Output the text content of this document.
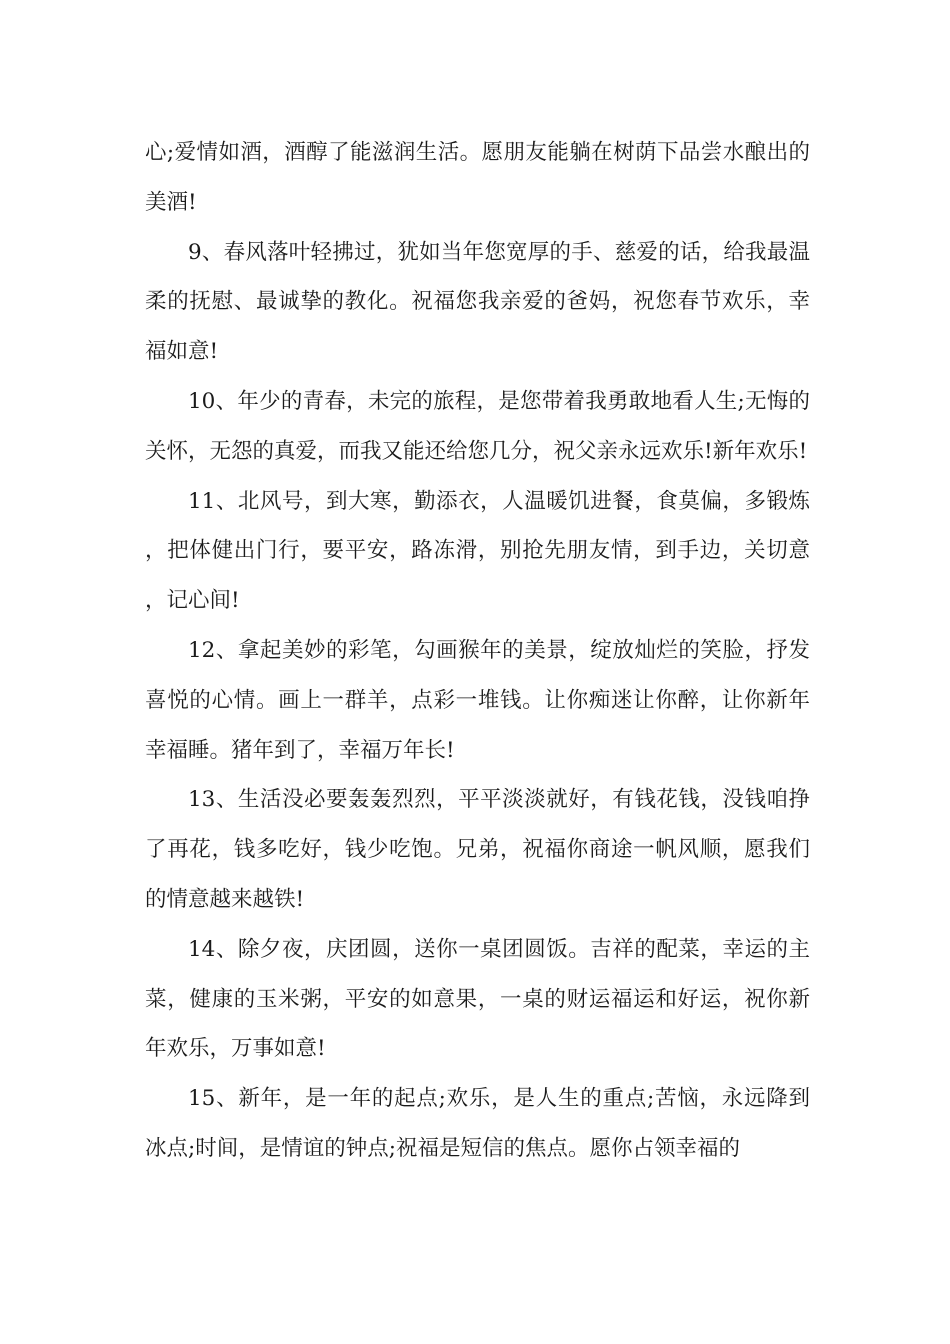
心;爱情如酒，酒醇了能滋润生活。愿朋友能躺在树荫下品尝水酿出的美酒!

9、春风落叶轻拂过，犹如当年您宽厚的手、慈爱的话，给我最温柔的抚慰、最诚挚的教化。祝福您我亲爱的爸妈，祝您春节欢乐，幸福如意!

10、年少的青春，未完的旅程，是您带着我勇敢地看人生;无悔的关怀，无怨的真爱，而我又能还给您几分，祝父亲永远欢乐!新年欢乐!

11、北风号，到大寒，勤添衣，人温暖饥进餐，食莫偏，多锻炼，把体健出门行，要平安，路冻滑，别抢先朋友情，到手边，关切意，记心间!

12、拿起美妙的彩笔，勾画猴年的美景，绽放灿烂的笑脸，抒发喜悦的心情。画上一群羊，点彩一堆钱。让你痴迷让你醉，让你新年幸福睡。猪年到了，幸福万年长!

13、生活没必要轰轰烈烈，平平淡淡就好，有钱花钱，没钱咱挣了再花，钱多吃好，钱少吃饱。兄弟，祝福你商途一帆风顺，愿我们的情意越来越铁!

14、除夕夜，庆团圆，送你一桌团圆饭。吉祥的配菜，幸运的主菜，健康的玉米粥，平安的如意果，一桌的财运福运和好运，祝你新年欢乐，万事如意!

15、新年，是一年的起点;欢乐，是人生的重点;苦恼，永远降到冰点;时间，是情谊的钟点;祝福是短信的焦点。愿你占领幸福的
